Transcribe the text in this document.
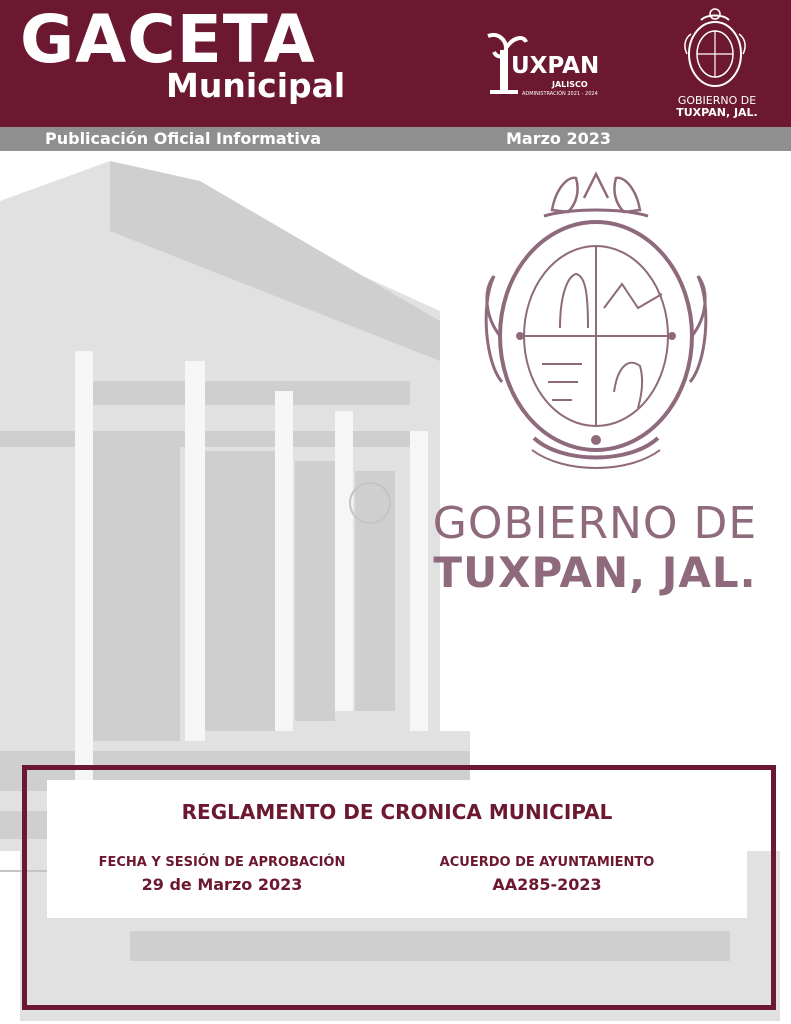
GACETA
Municipal	UXPAN
JALISCO
ADMINISTRACIÓN 2021 - 2024	GOBIERNO DE
TUXPAN, JAL.
Publicación Oficial Informativa	Marzo 2023
GOBIERNO DE
TUXPAN, JAL.
REGLAMENTO DE CRONICA MUNICIPAL
FECHA Y SESIÓN DE APROBACIÓN
29 de Marzo 2023
ACUERDO DE AYUNTAMIENTO
AA285-2023
